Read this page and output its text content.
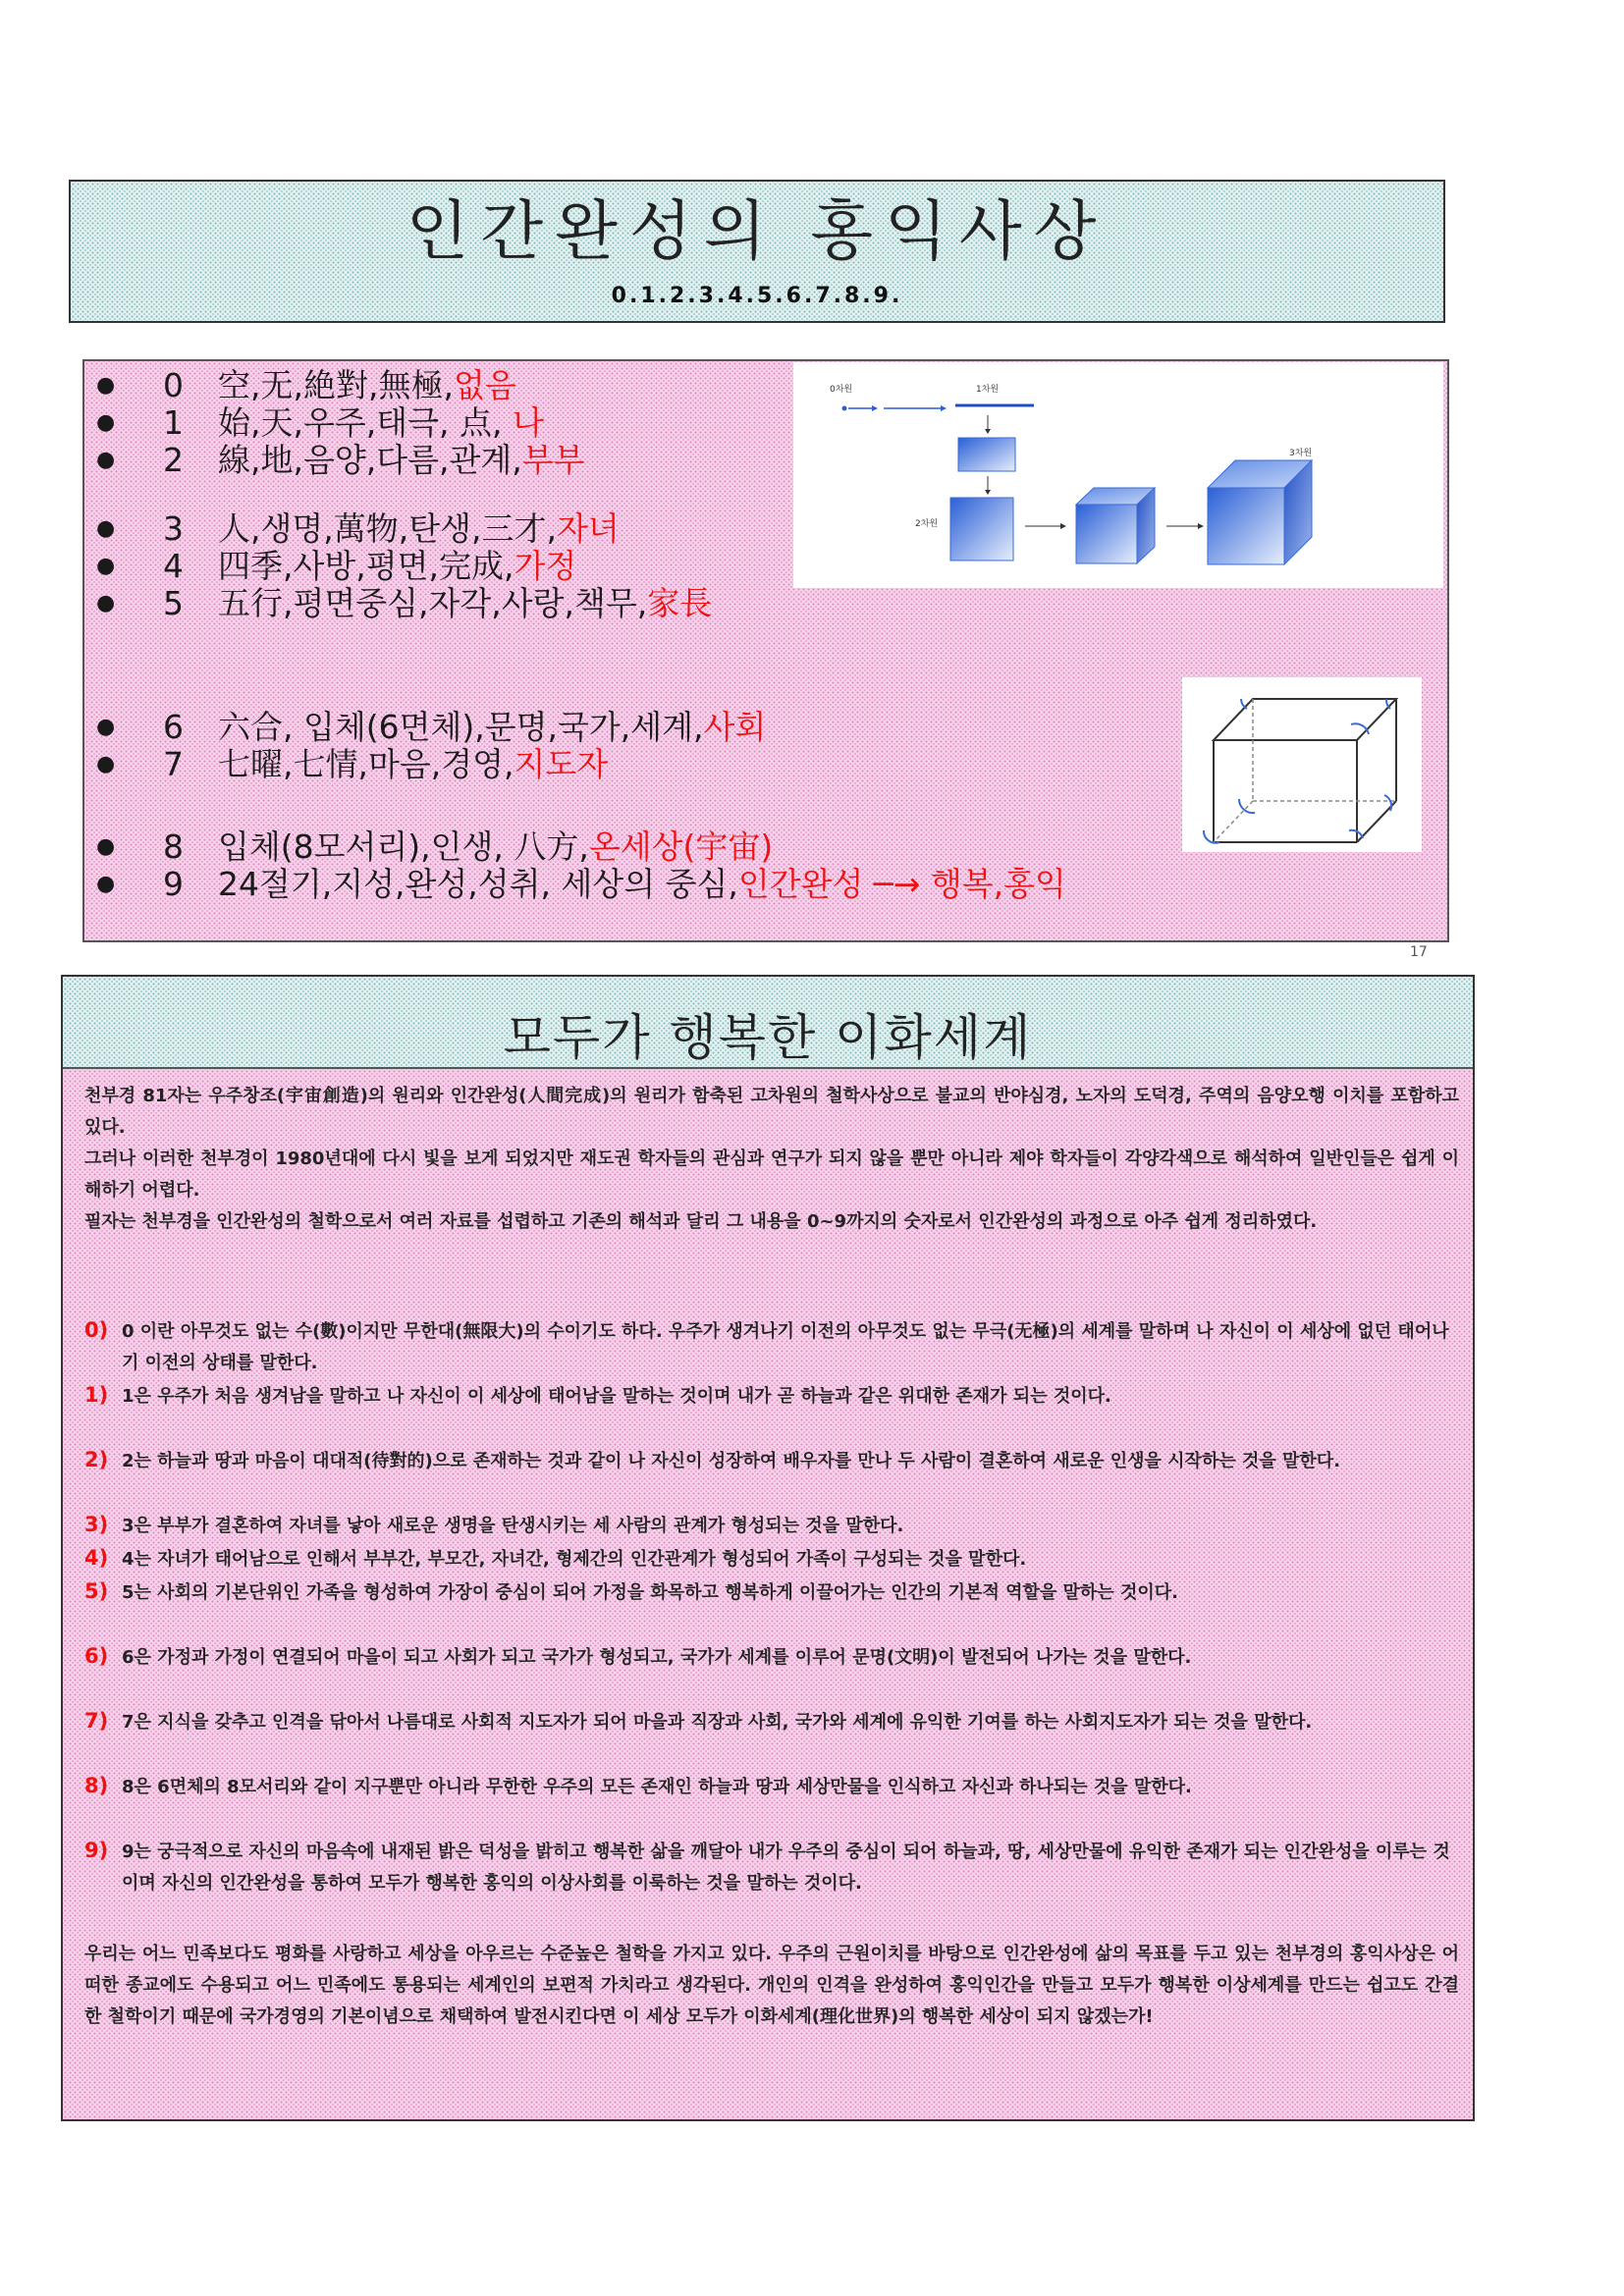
인간완성의 홍익사상
0.1.2.3.4.5.6.7.8.9.
● 0 空,无,絶對,無極,없음
● 1 始,天,우주,태극, 点, 나
● 2 線,地,음양,다름,관계,부부
● 3 人,생명,萬物,탄생,三才,자녀
● 4 四季,사방,평면,完成,가정
● 5 五行,평면중심,자각,사랑,책무,家長
● 6 六合, 입체(6면체),문명,국가,세계,사회
● 7 七曜,七情,마음,경영,지도자
● 8 입체(8모서리),인생, 八方,온세상(宇宙)
● 9 24절기,지성,완성,성취, 세상의 중심,인간완성 ─→ 행복,홍익
0차원	1차원
2차원
3차원
17
모두가 행복한 이화세계
천부경 81자는 우주창조(宇宙創造)의 원리와 인간완성(人間完成)의 원리가 함축된 고차원의 철학사상으로 불교의 반야심경, 노자의 도덕경, 주역의 음양오행 이치를 포함하고 있다.
그러나 이러한 천부경이 1980년대에 다시 빛을 보게 되었지만 재도권 학자들의 관심과 연구가 되지 않을 뿐만 아니라 제야 학자들이 각양각색으로 해석하여 일반인들은 쉽게 이해하기 어렵다.
필자는 천부경을 인간완성의 철학으로서 여러 자료를 섭렵하고 기존의 해석과 달리 그 내용을 0~9까지의 숫자로서 인간완성의 과정으로 아주 쉽게 정리하였다.
0) 0 이란 아무것도 없는 수(數)이지만 무한대(無限大)의 수이기도 하다. 우주가 생겨나기 이전의 아무것도 없는 무극(无極)의 세계를 말하며 나 자신이 이 세상에 없던 태어나기 이전의 상태를 말한다.
1) 1은 우주가 처음 생겨남을 말하고 나 자신이 이 세상에 태어남을 말하는 것이며 내가 곧 하늘과 같은 위대한 존재가 되는 것이다.
2) 2는 하늘과 땅과 마음이 대대적(待對的)으로 존재하는 것과 같이 나 자신이 성장하여 배우자를 만나 두 사람이 결혼하여 새로운 인생을 시작하는 것을 말한다.
3) 3은 부부가 결혼하여 자녀를 낳아 새로운 생명을 탄생시키는 세 사람의 관계가 형성되는 것을 말한다.
4) 4는 자녀가 태어남으로 인해서 부부간, 부모간, 자녀간, 형제간의 인간관계가 형성되어 가족이 구성되는 것을 말한다.
5) 5는 사회의 기본단위인 가족을 형성하여 가장이 중심이 되어 가정을 화목하고 행복하게 이끌어가는 인간의 기본적 역할을 말하는 것이다.
6) 6은 가정과 가정이 연결되어 마을이 되고 사회가 되고 국가가 형성되고, 국가가 세계를 이루어 문명(文明)이 발전되어 나가는 것을 말한다.
7) 7은 지식을 갖추고 인격을 닦아서 나름대로 사회적 지도자가 되어 마을과 직장과 사회, 국가와 세계에 유익한 기여를 하는 사회지도자가 되는 것을 말한다.
8) 8은 6면체의 8모서리와 같이 지구뿐만 아니라 무한한 우주의 모든 존재인 하늘과 땅과 세상만물을 인식하고 자신과 하나되는 것을 말한다.
9) 9는 궁극적으로 자신의 마음속에 내재된 밝은 덕성을 밝히고 행복한 삶을 깨달아 내가 우주의 중심이 되어 하늘과, 땅, 세상만물에 유익한 존재가 되는 인간완성을 이루는 것이며 자신의 인간완성을 통하여 모두가 행복한 홍익의 이상사회를 이룩하는 것을 말하는 것이다.
우리는 어느 민족보다도 평화를 사랑하고 세상을 아우르는 수준높은 철학을 가지고 있다. 우주의 근원이치를 바탕으로 인간완성에 삶의 목표를 두고 있는 천부경의 홍익사상은 어떠한 종교에도 수용되고 어느 민족에도 통용되는 세계인의 보편적 가치라고 생각된다. 개인의 인격을 완성하여 홍익인간을 만들고 모두가 행복한 이상세계를 만드는 쉽고도 간결한 철학이기 때문에 국가경영의 기본이념으로 채택하여 발전시킨다면 이 세상 모두가 이화세계(理化世界)의 행복한 세상이 되지 않겠는가!
